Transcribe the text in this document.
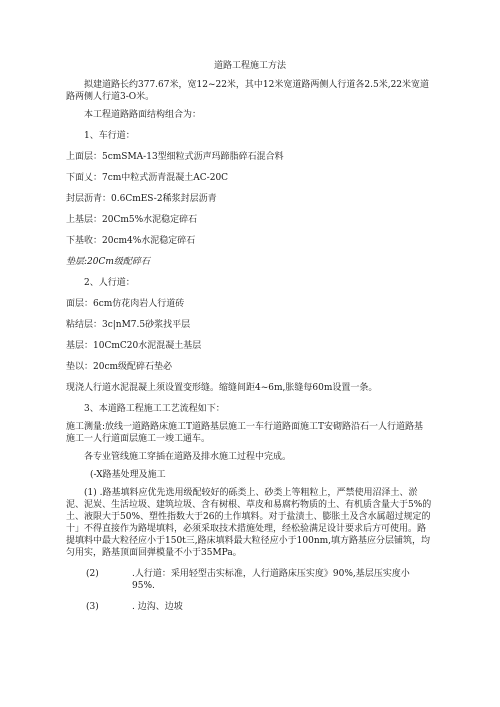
道路工程施工方法

拟建道路长约377.67米，宽12~22米，其中12米宽道路两侧人行道各2.5米,22米宽道路两侧人行道3-O米。

本工程道路路面结构组合为：

1、车行道：

上面层：5cmSMA-13型细粒式沥声玛蹄脂碎石混合料

下面乂：7cm中粒式沥青混凝土AC-20C

封层沥青：0.6CmES-2稀浆封层沥青

上基层：20Cm5%水泥稳定碎石

下基收：20cm4%水泥稳定碎石

垫层:20Cm级配碎石

2、人行道：

面层：6cm仿花肉岩人行道砖

粘结层：3c|nM7.5砂浆找平层

基层：10CmC20水泥混凝土基层

垫以：20cm级配碎石垫必

现浇人行道水泥混凝上须设置变形缝。缩缝间距4~6m,胀缝每60m设置一条。

3、本道路工程施工工艺流程如下：

施工测量:放线一道路路床施工T道路基层施工一车行道路面施工T安砌路沿石一人行道路基施工一人行道面层施工一竣工通车。

各专业管线施工穿插在道路及排水施工过程中完成。

(-X路基处理及施工

(1) .路基填料应优先选用级配较好的砾类上、砂类上等粗粒上，严禁使用沼泽土、淤泥、泥炭、生活垃圾、建筑垃圾、含有树根、草皮和易腐朽物质的土、有机质含量大于5%的土、液限大于50%、塑性指数大于26的土作填料。对于盐渍土、膨胀土及含水属超过规定的十」不得直接作为路堤填料，必须采取技术措施处理，经松验满足设计要求后方可使用。路提填料中最大粒径应小于150t三,路床填料最大粒径应小于100nm,填方路基应分层铺筑，均匀用实，路基顶面回弹模量不小于35MPa。

(2)	.人行道：采用轻型击实标准，人行道路床压实度》90%,基层压实度小95%.
(3)	. 边沟、边坡
